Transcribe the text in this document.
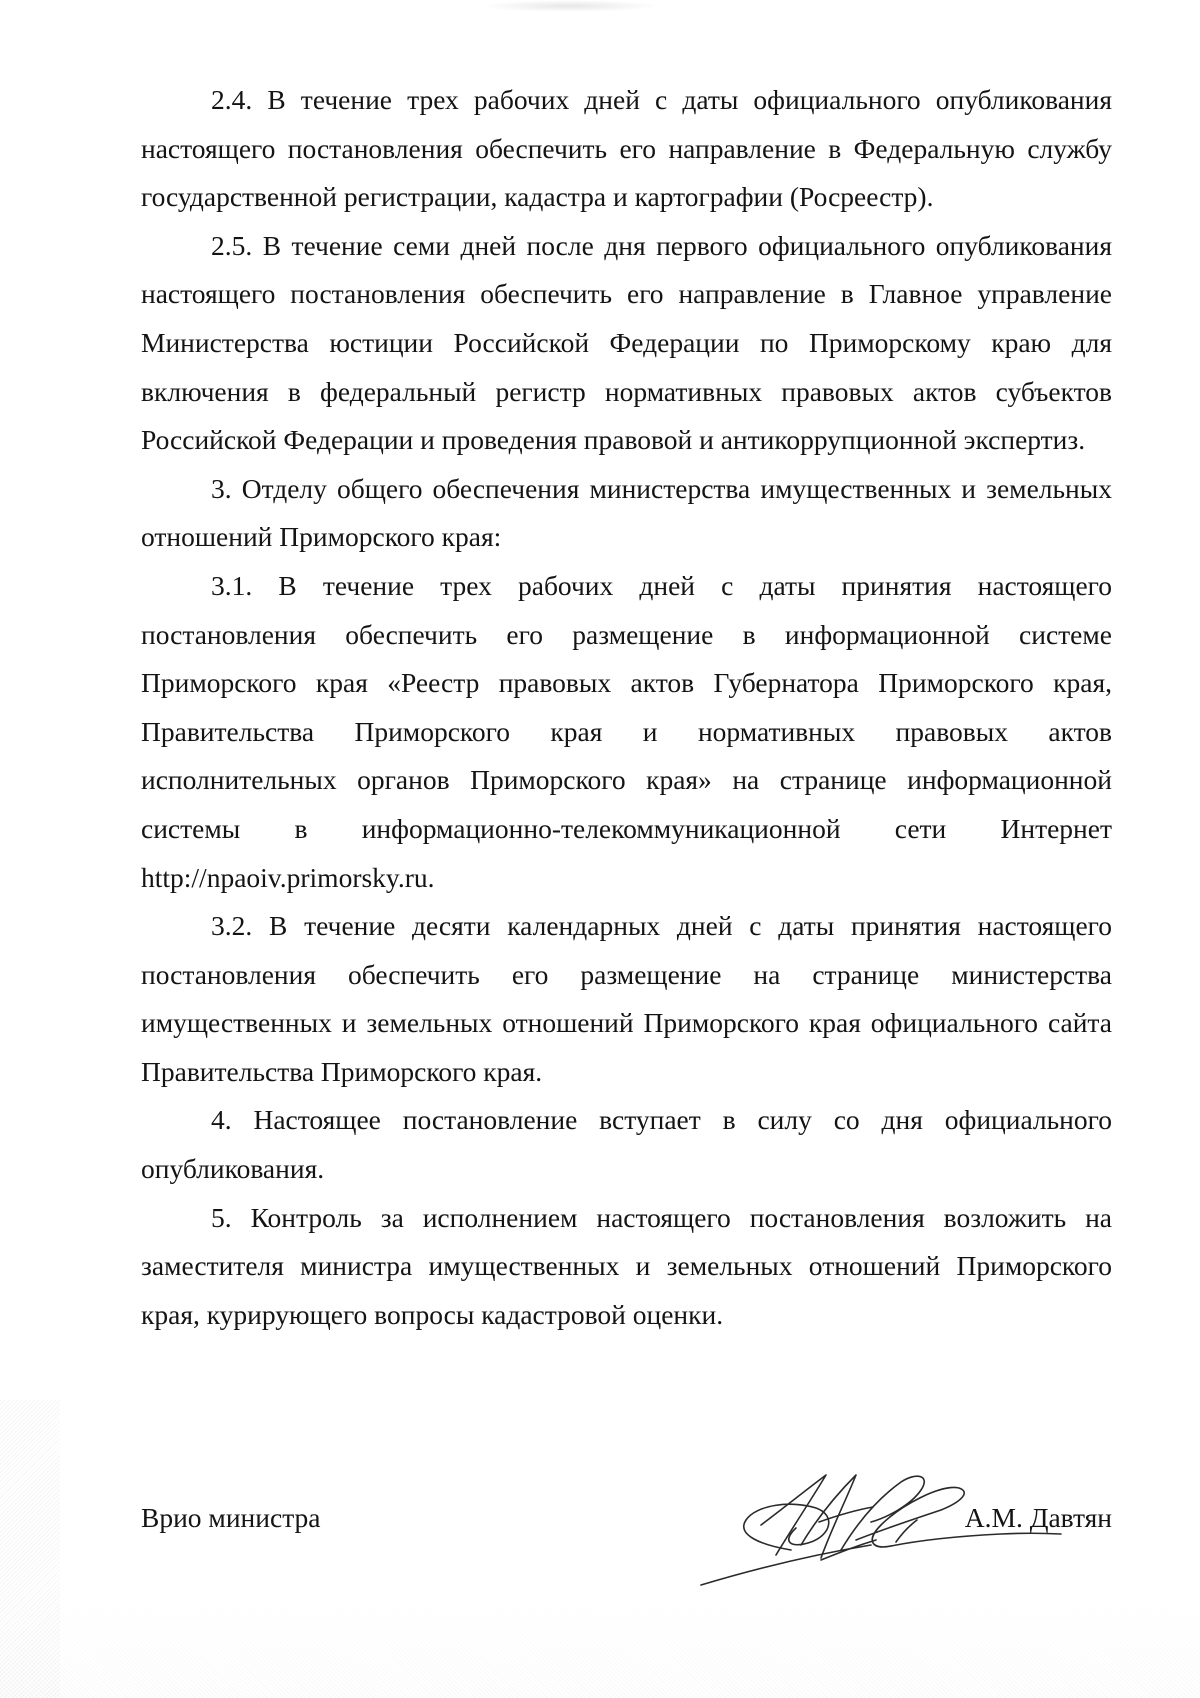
2.4. В течение трех рабочих дней с даты официального опубликования настоящего постановления обеспечить его направление в Федеральную службу государственной регистрации, кадастра и картографии (Росреестр).

2.5. В течение семи дней после дня первого официального опубликования настоящего постановления обеспечить его направление в Главное управление Министерства юстиции Российской Федерации по Приморскому краю для включения в федеральный регистр нормативных правовых актов субъектов Российской Федерации и проведения правовой и антикоррупционной экспертиз.

3. Отделу общего обеспечения министерства имущественных и земельных отношений Приморского края:

3.1. В течение трех рабочих дней с даты принятия настоящего постановления обеспечить его размещение в информационной системе Приморского края «Реестр правовых актов Губернатора Приморского края, Правительства Приморского края и нормативных правовых актов исполнительных органов Приморского края» на странице информационной системы в информационно-телекоммуникационной сети Интернет http://npaoiv.primorsky.ru.

3.2. В течение десяти календарных дней с даты принятия настоящего постановления обеспечить его размещение на странице министерства имущественных и земельных отношений Приморского края официального сайта Правительства Приморского края.

4. Настоящее постановление вступает в силу со дня официального опубликования.

5. Контроль за исполнением настоящего постановления возложить на заместителя министра имущественных и земельных отношений Приморского края, курирующего вопросы кадастровой оценки.

Врио министра	А.М. Давтян
